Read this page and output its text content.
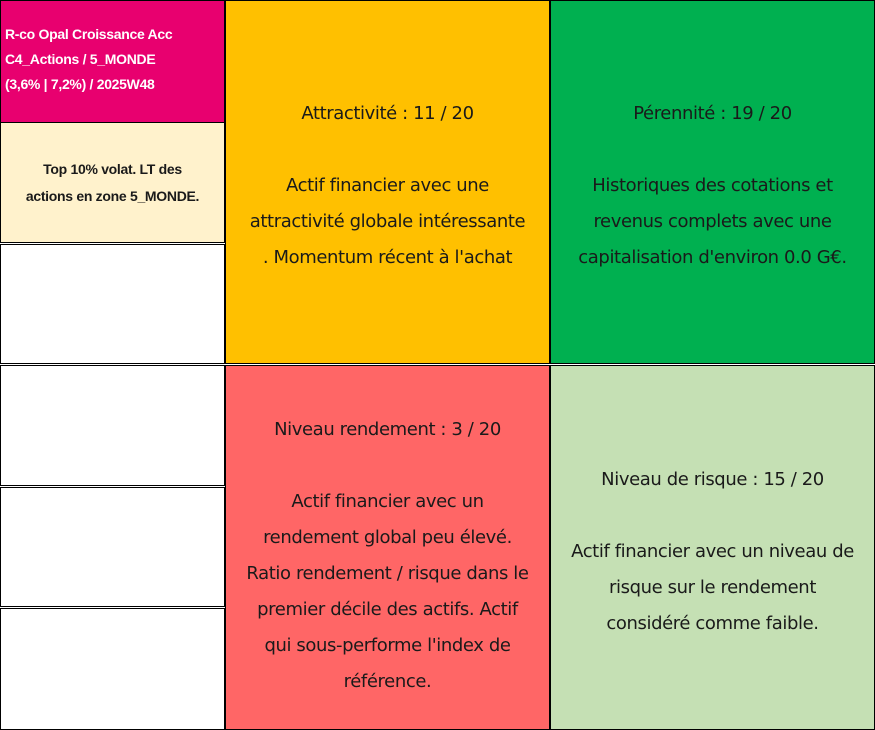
R-co Opal Croissance Acc
C4_Actions / 5_MONDE
(3,6% | 7,2%) / 2025W48
Top 10% volat. LT des
actions en zone 5_MONDE.
Attractivité : 11 / 20
Actif financier avec une
attractivité globale intéressante
. Momentum récent à l'achat
Pérennité : 19 / 20
Historiques des cotations et
revenus complets avec une
capitalisation d'environ 0.0 G€.
Niveau rendement : 3 / 20
Actif financier avec un
rendement global peu élevé.
Ratio rendement / risque dans le
premier décile des actifs. Actif
qui sous-performe l'index de
référence.
Niveau de risque : 15 / 20
Actif financier avec un niveau de
risque sur le rendement
considéré comme faible.
